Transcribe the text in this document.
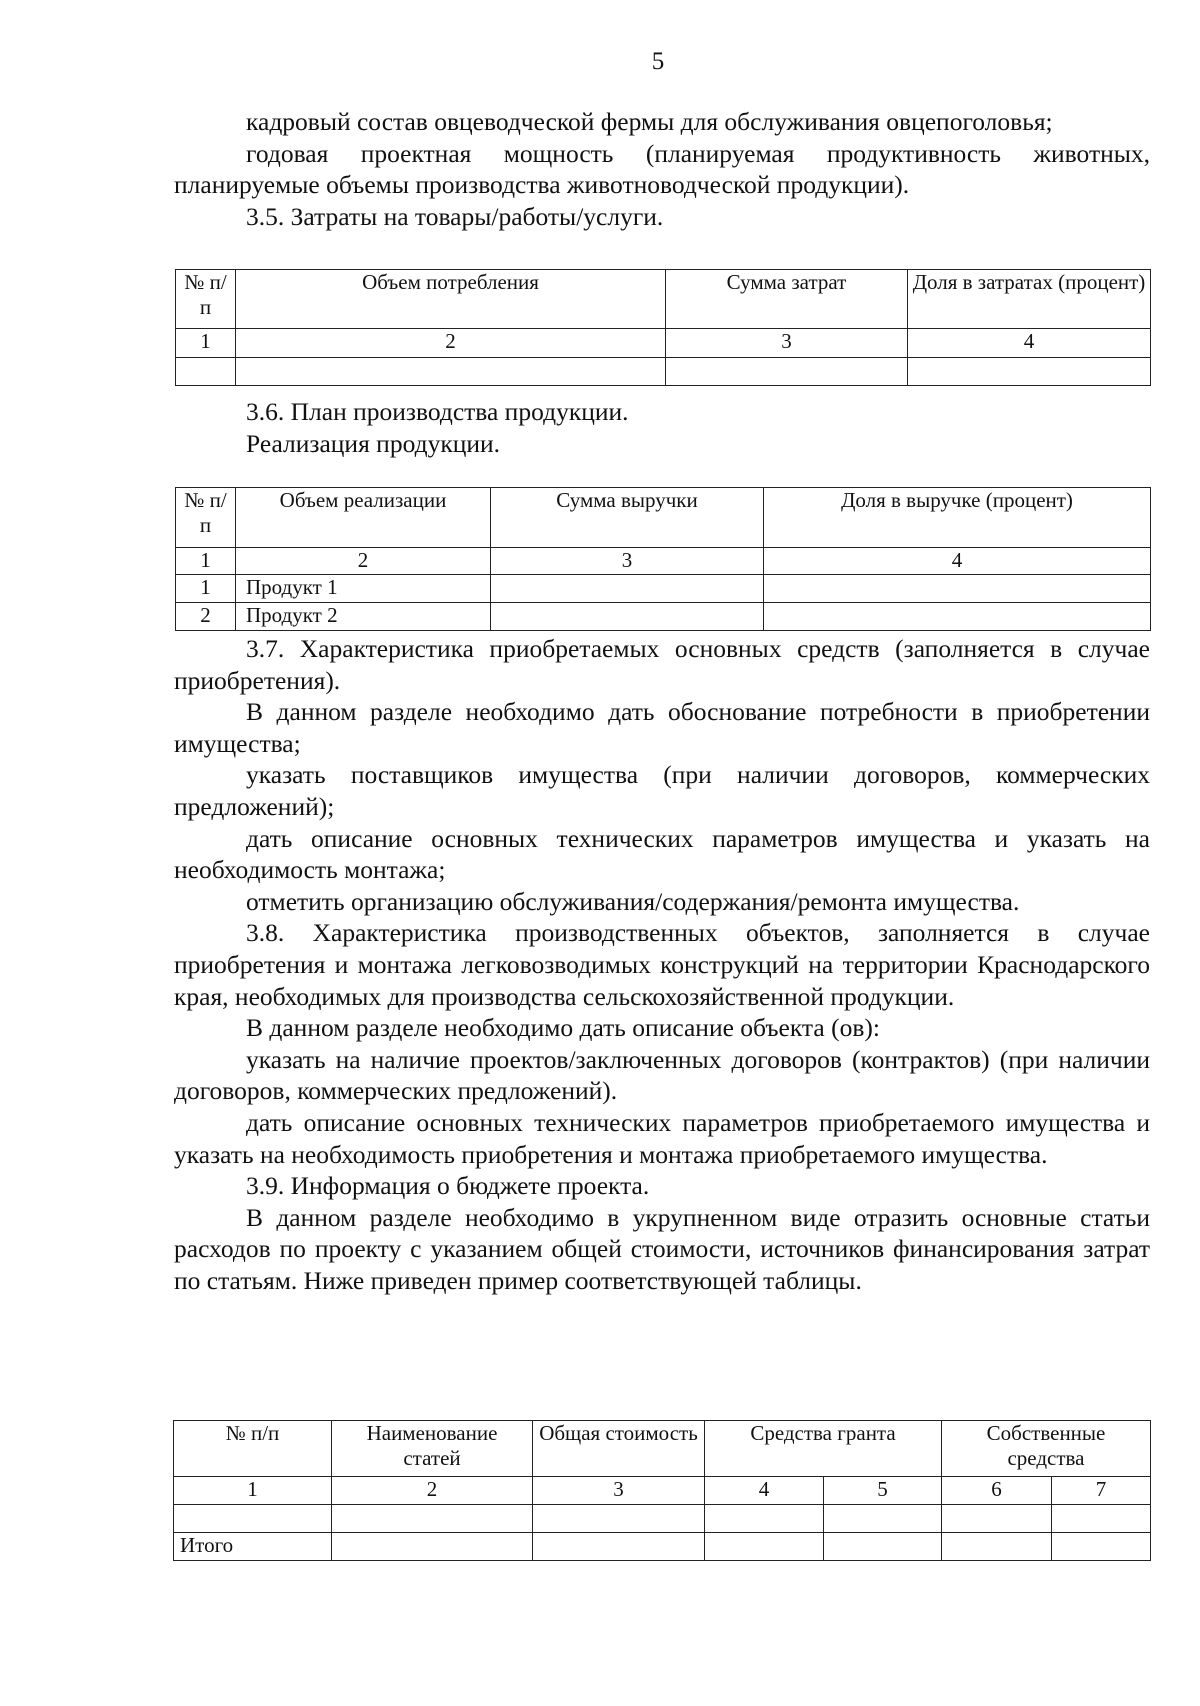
5

кадровый состав овцеводческой фермы для обслуживания овцепоголовья;

годовая проектная мощность (планируемая продуктивность животных, планируемые объемы производства животноводческой продукции).

3.5. Затраты на товары/работы/услуги.

№ п/п	Объем потребления	Сумма затрат	Доля в затратах (процент)
1	2	3	4

3.6. План производства продукции.

Реализация продукции.

№ п/п	Объем реализации	Сумма выручки	Доля в выручке (процент)
1	2	3	4
1	Продукт 1		
2	Продукт 2		

3.7. Характеристика приобретаемых основных средств (заполняется в случае приобретения).

В данном разделе необходимо дать обоснование потребности в приобретении имущества;

указать поставщиков имущества (при наличии договоров, коммерческих предложений);

дать описание основных технических параметров имущества и указать на необходимость монтажа;

отметить организацию обслуживания/содержания/ремонта имущества.

3.8. Характеристика производственных объектов, заполняется в случае приобретения и монтажа легковозводимых конструкций на территории Краснодарского края, необходимых для производства сельскохозяйственной продукции.

В данном разделе необходимо дать описание объекта (ов):

указать на наличие проектов/заключенных договоров (контрактов) (при наличии договоров, коммерческих предложений).

дать описание основных технических параметров приобретаемого имущества и указать на необходимость приобретения и монтажа приобретаемого имущества.

3.9. Информация о бюджете проекта.

В данном разделе необходимо в укрупненном виде отразить основные статьи расходов по проекту с указанием общей стоимости, источников финансирования затрат по статьям. Ниже приведен пример соответствующей таблицы.

№ п/п	Наименование статей	Общая стоимость	Средства гранта		Собственные средства	
1	2	3	4	5	6	7

Итого						
